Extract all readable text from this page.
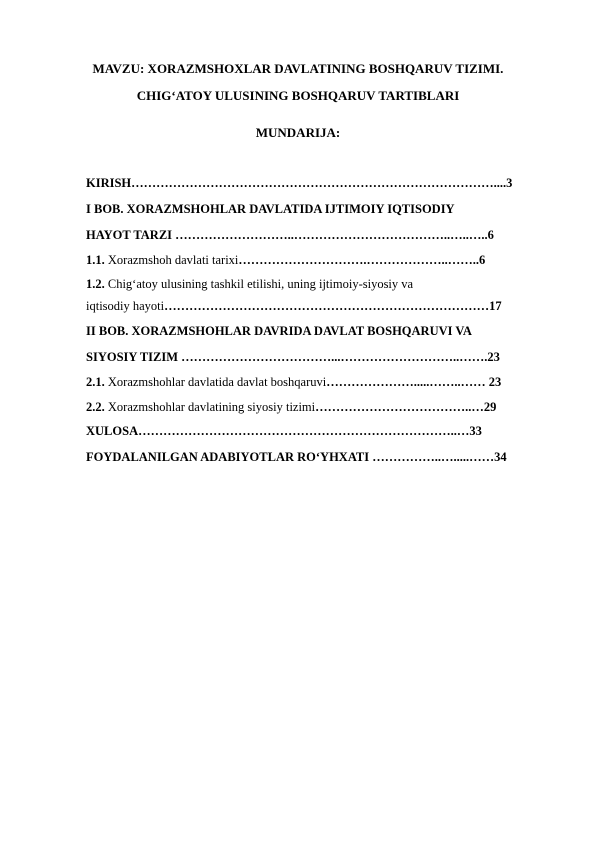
MAVZU: XORAZMSHOXLAR DAVLATINING BOSHQARUV TIZIMI.
CHIG‘ATOY ULUSINING BOSHQARUV TARTIBLARI
MUNDARIJA:
KIRISH……………………………………………………………………………....3
I BOB. XORAZMSHOHLAR DAVLATIDA IJTIMOIY IQTISODIY
HAYOT TARZI ………………………..………………………………..…..…..6
1.1. Xorazmshoh davlati tarixi………………………….………………..……..6
1.2. Chig‘atoy ulusining tashkil etilishi, uning ijtimoiy-siyosiy va
iqtisodiy hayoti……………………………………………………………………17
II BOB. XORAZMSHOHLAR DAVRIDA DAVLAT BOSHQARUVI VA
SIYOSIY TIZIM ………………………………...………………………..…….23
2.1. Xorazmshohlar davlatida davlat boshqaruvi………………….....……..…… 23
2.2. Xorazmshohlar davlatining siyosiy tizimi………………………………..…29
XULOSA…………………………………………………………………..…33
FOYDALANILGAN ADABIYOTLAR RO‘YHXATI ……………..….....……34
